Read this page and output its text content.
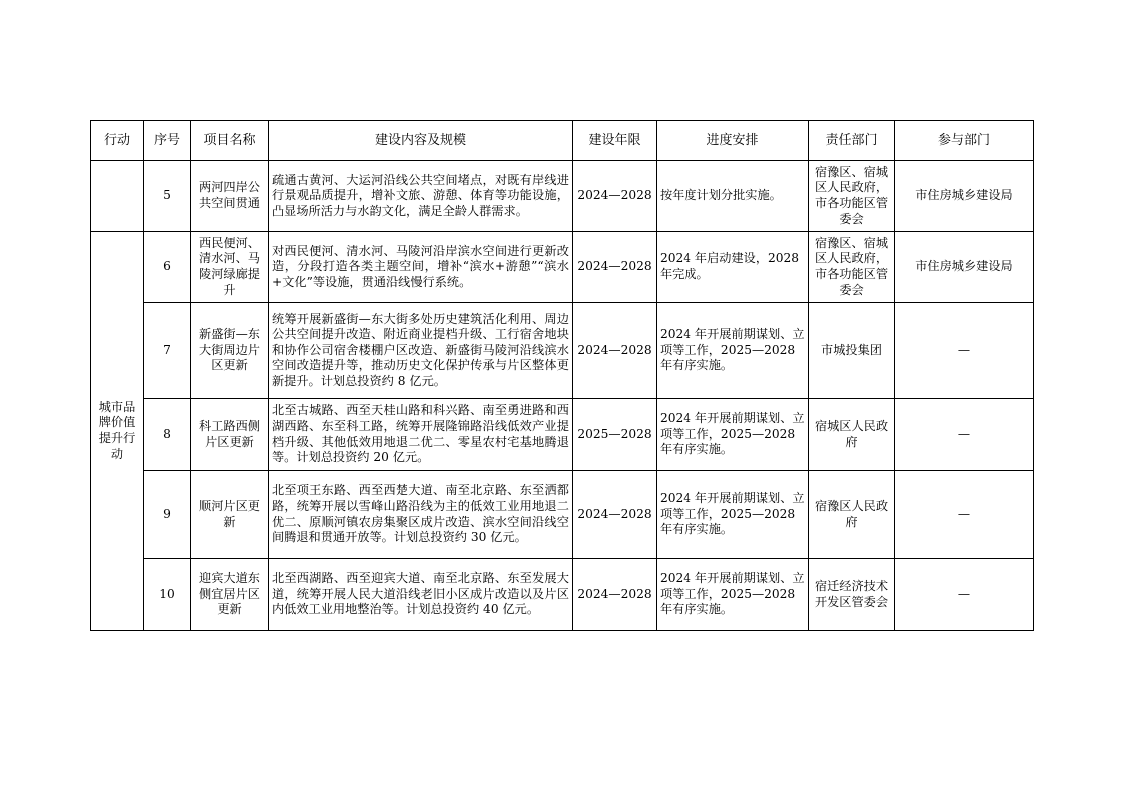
行动	序号	项目名称	建设内容及规模	建设年限	进度安排	责任部门	参与部门
	5	两河四岸公共空间贯通	疏通古黄河、大运河沿线公共空间堵点，对既有岸线进行景观品质提升，增补文旅、游憩、体育等功能设施，凸显场所活力与水韵文化，满足全龄人群需求。	2024—2028	按年度计划分批实施。	宿豫区、宿城区人民政府，市各功能区管委会	市住房城乡建设局
城市品牌价值提升行动	6	西民便河、清水河、马陵河绿廊提升	对西民便河、清水河、马陵河沿岸滨水空间进行更新改造，分段打造各类主题空间，增补“滨水+游憩”“滨水+文化”等设施，贯通沿线慢行系统。	2024—2028	2024 年启动建设，2028 年完成。	宿豫区、宿城区人民政府，市各功能区管委会	市住房城乡建设局
	7	新盛街—东大街周边片区更新	统筹开展新盛街—东大街多处历史建筑活化利用、周边公共空间提升改造、附近商业提档升级、工行宿舍地块和协作公司宿舍楼棚户区改造、新盛街马陵河沿线滨水空间改造提升等，推动历史文化保护传承与片区整体更新提升。计划总投资约 8 亿元。	2024—2028	2024 年开展前期谋划、立项等工作，2025—2028 年有序实施。	市城投集团	—
	8	科工路西侧片区更新	北至古城路、西至天桂山路和科兴路、南至勇进路和西湖西路、东至科工路，统筹开展隆锦路沿线低效产业提档升级、其他低效用地退二优二、零星农村宅基地腾退等。计划总投资约 20 亿元。	2025—2028	2024 年开展前期谋划、立项等工作，2025—2028 年有序实施。	宿城区人民政府	—
	9	顺河片区更新	北至项王东路、西至西楚大道、南至北京路、东至洒都路，统筹开展以雪峰山路沿线为主的低效工业用地退二优二、原顺河镇农房集聚区成片改造、滨水空间沿线空间腾退和贯通开放等。计划总投资约 30 亿元。	2024—2028	2024 年开展前期谋划、立项等工作，2025—2028 年有序实施。	宿豫区人民政府	—
	10	迎宾大道东侧宜居片区更新	北至西湖路、西至迎宾大道、南至北京路、东至发展大道，统筹开展人民大道沿线老旧小区成片改造以及片区内低效工业用地整治等。计划总投资约 40 亿元。	2024—2028	2024 年开展前期谋划、立项等工作，2025—2028 年有序实施。	宿迁经济技术开发区管委会	—
